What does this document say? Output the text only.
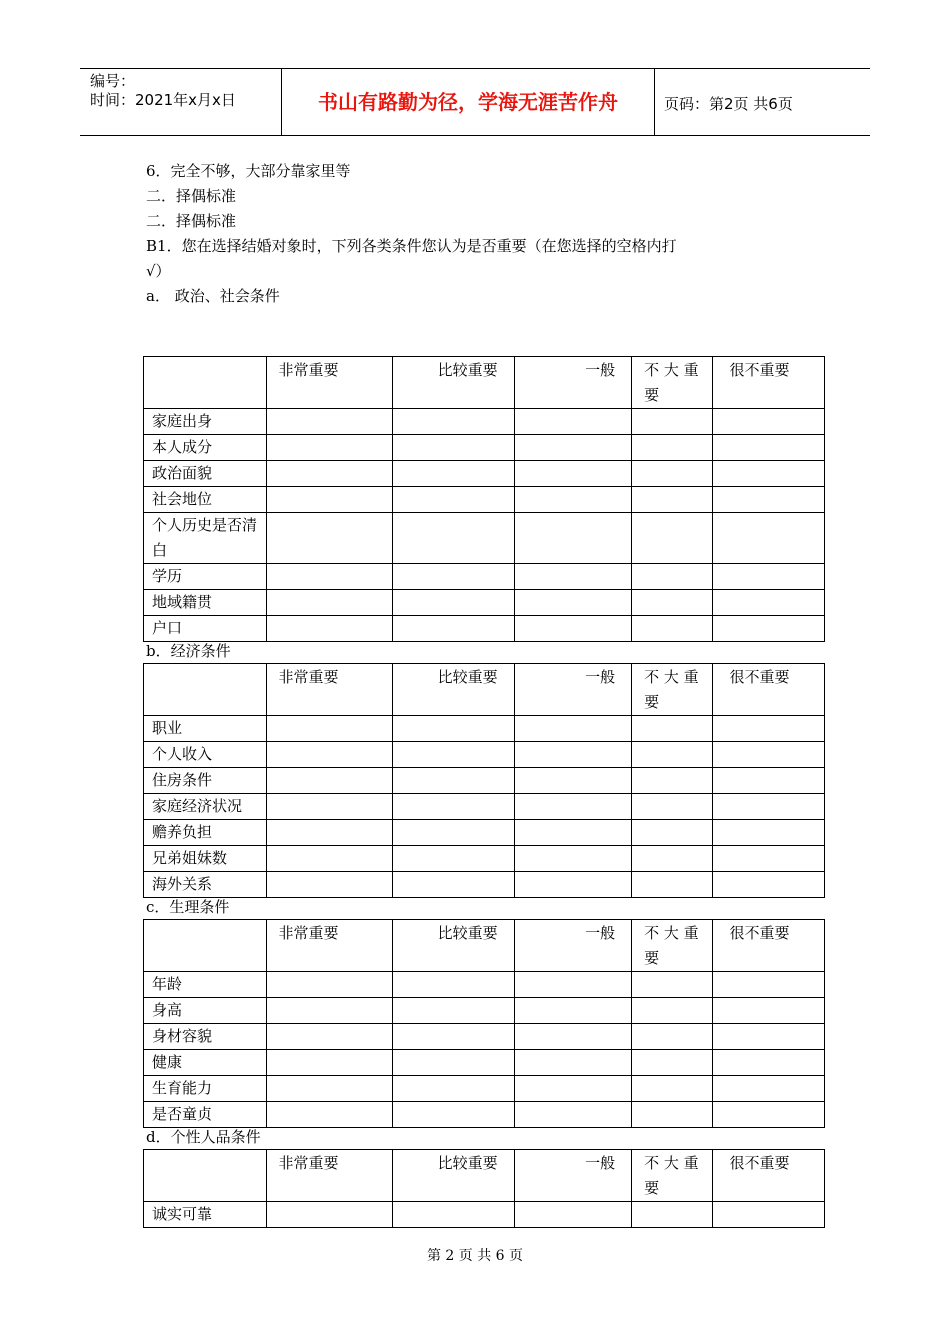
编号：
时间：2021年x月x日	书山有路勤为径，学海无涯苦作舟	页码：第2页 共6页
6．完全不够，大部分靠家里等
二．择偶标准
二．择偶标准
B1．您在选择结婚对象时，下列各类条件您认为是否重要（在您选择的空格内打
√）
a． 政治、社会条件
	非常重要	比较重要	一般	不 大 重 要	很不重要
家庭出身					
本人成分					
政治面貌					
社会地位					
个人历史是否清白					
学历					
地域籍贯					
户口					
b．经济条件
	非常重要	比较重要	一般	不 大 重 要	很不重要
职业					
个人收入					
住房条件					
家庭经济状况					
赡养负担					
兄弟姐妹数					
海外关系					
c．生理条件
	非常重要	比较重要	一般	不 大 重 要	很不重要
年龄					
身高					
身材容貌					
健康					
生育能力					
是否童贞					
d．个性人品条件
	非常重要	比较重要	一般	不 大 重 要	很不重要
诚实可靠					
第 2 页 共 6 页
